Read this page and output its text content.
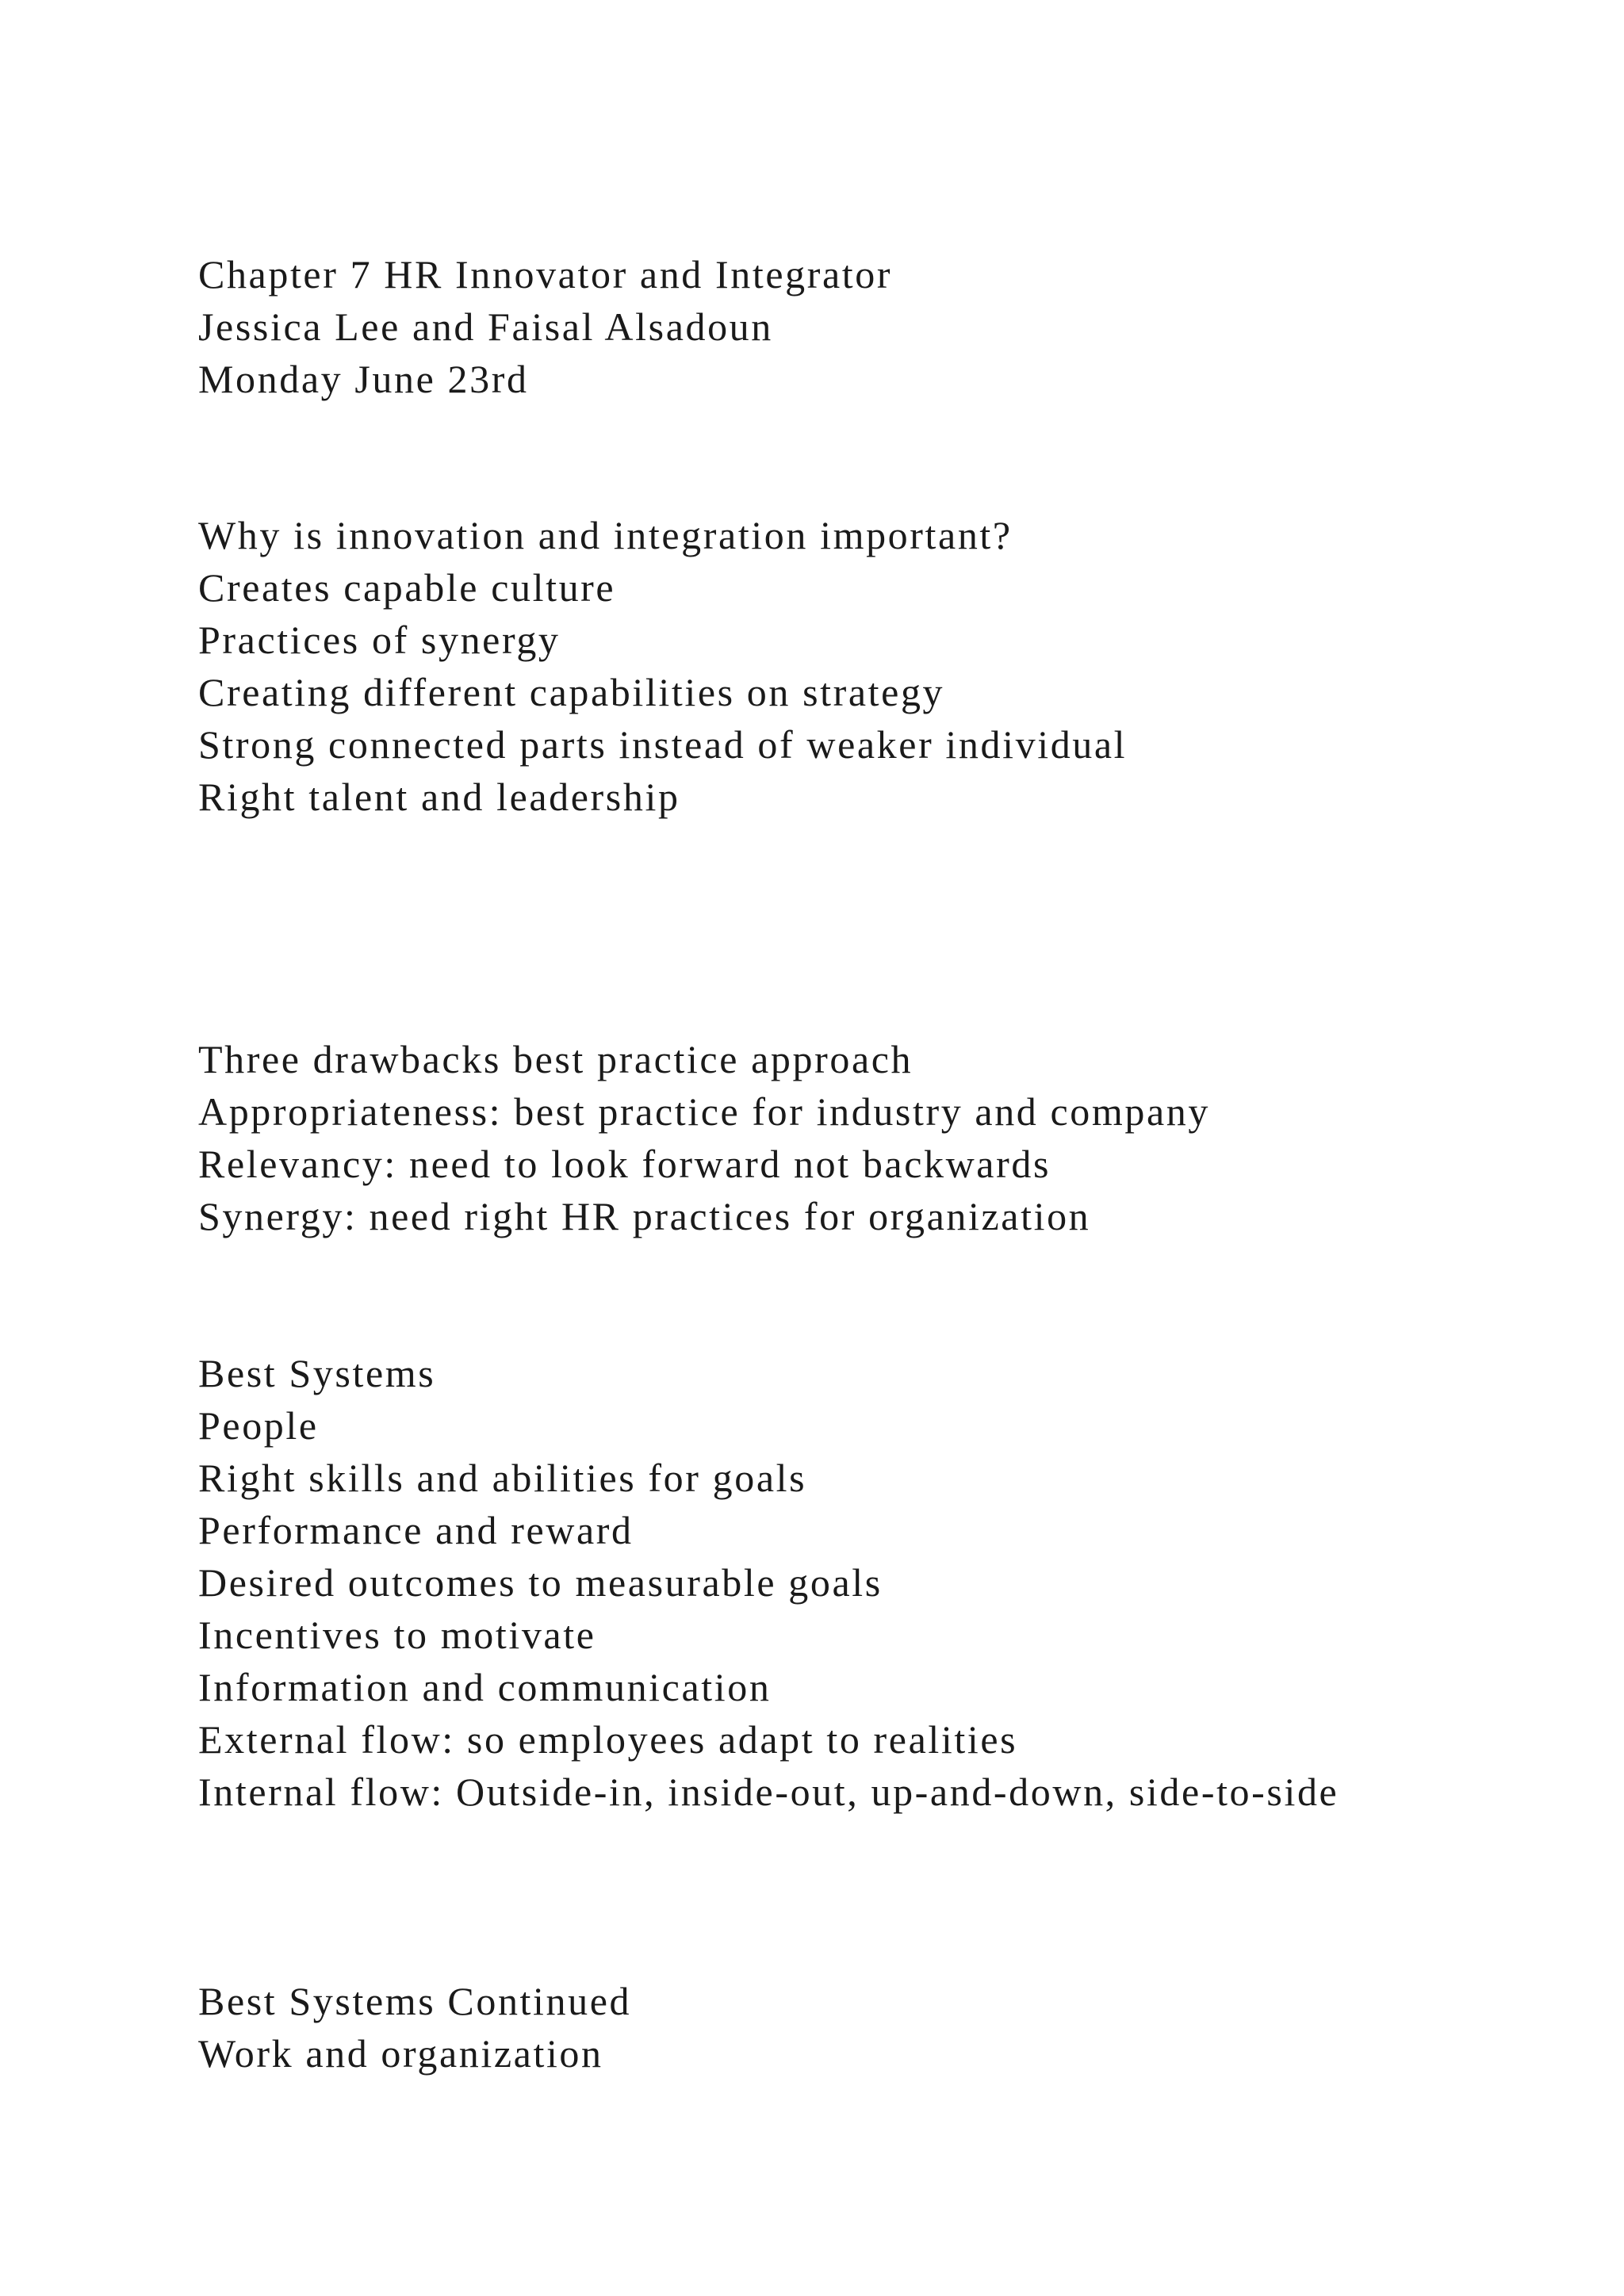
Chapter 7 HR Innovator and Integrator

Jessica Lee and Faisal Alsadoun

Monday June 23rd

Why is innovation and integration important?

Creates capable culture

Practices of synergy

Creating different capabilities on strategy

Strong connected parts instead of weaker individual

Right talent and leadership

Three drawbacks best practice approach

Appropriateness: best practice for industry and company

Relevancy: need to look forward not backwards

Synergy: need right HR practices for organization

Best Systems

People

Right skills and abilities for goals

Performance and reward

Desired outcomes to measurable goals

Incentives to motivate

Information and communication

External flow: so employees adapt to realities

Internal flow: Outside-in, inside-out, up-and-down, side-to-side

Best Systems Continued

Work and organization
